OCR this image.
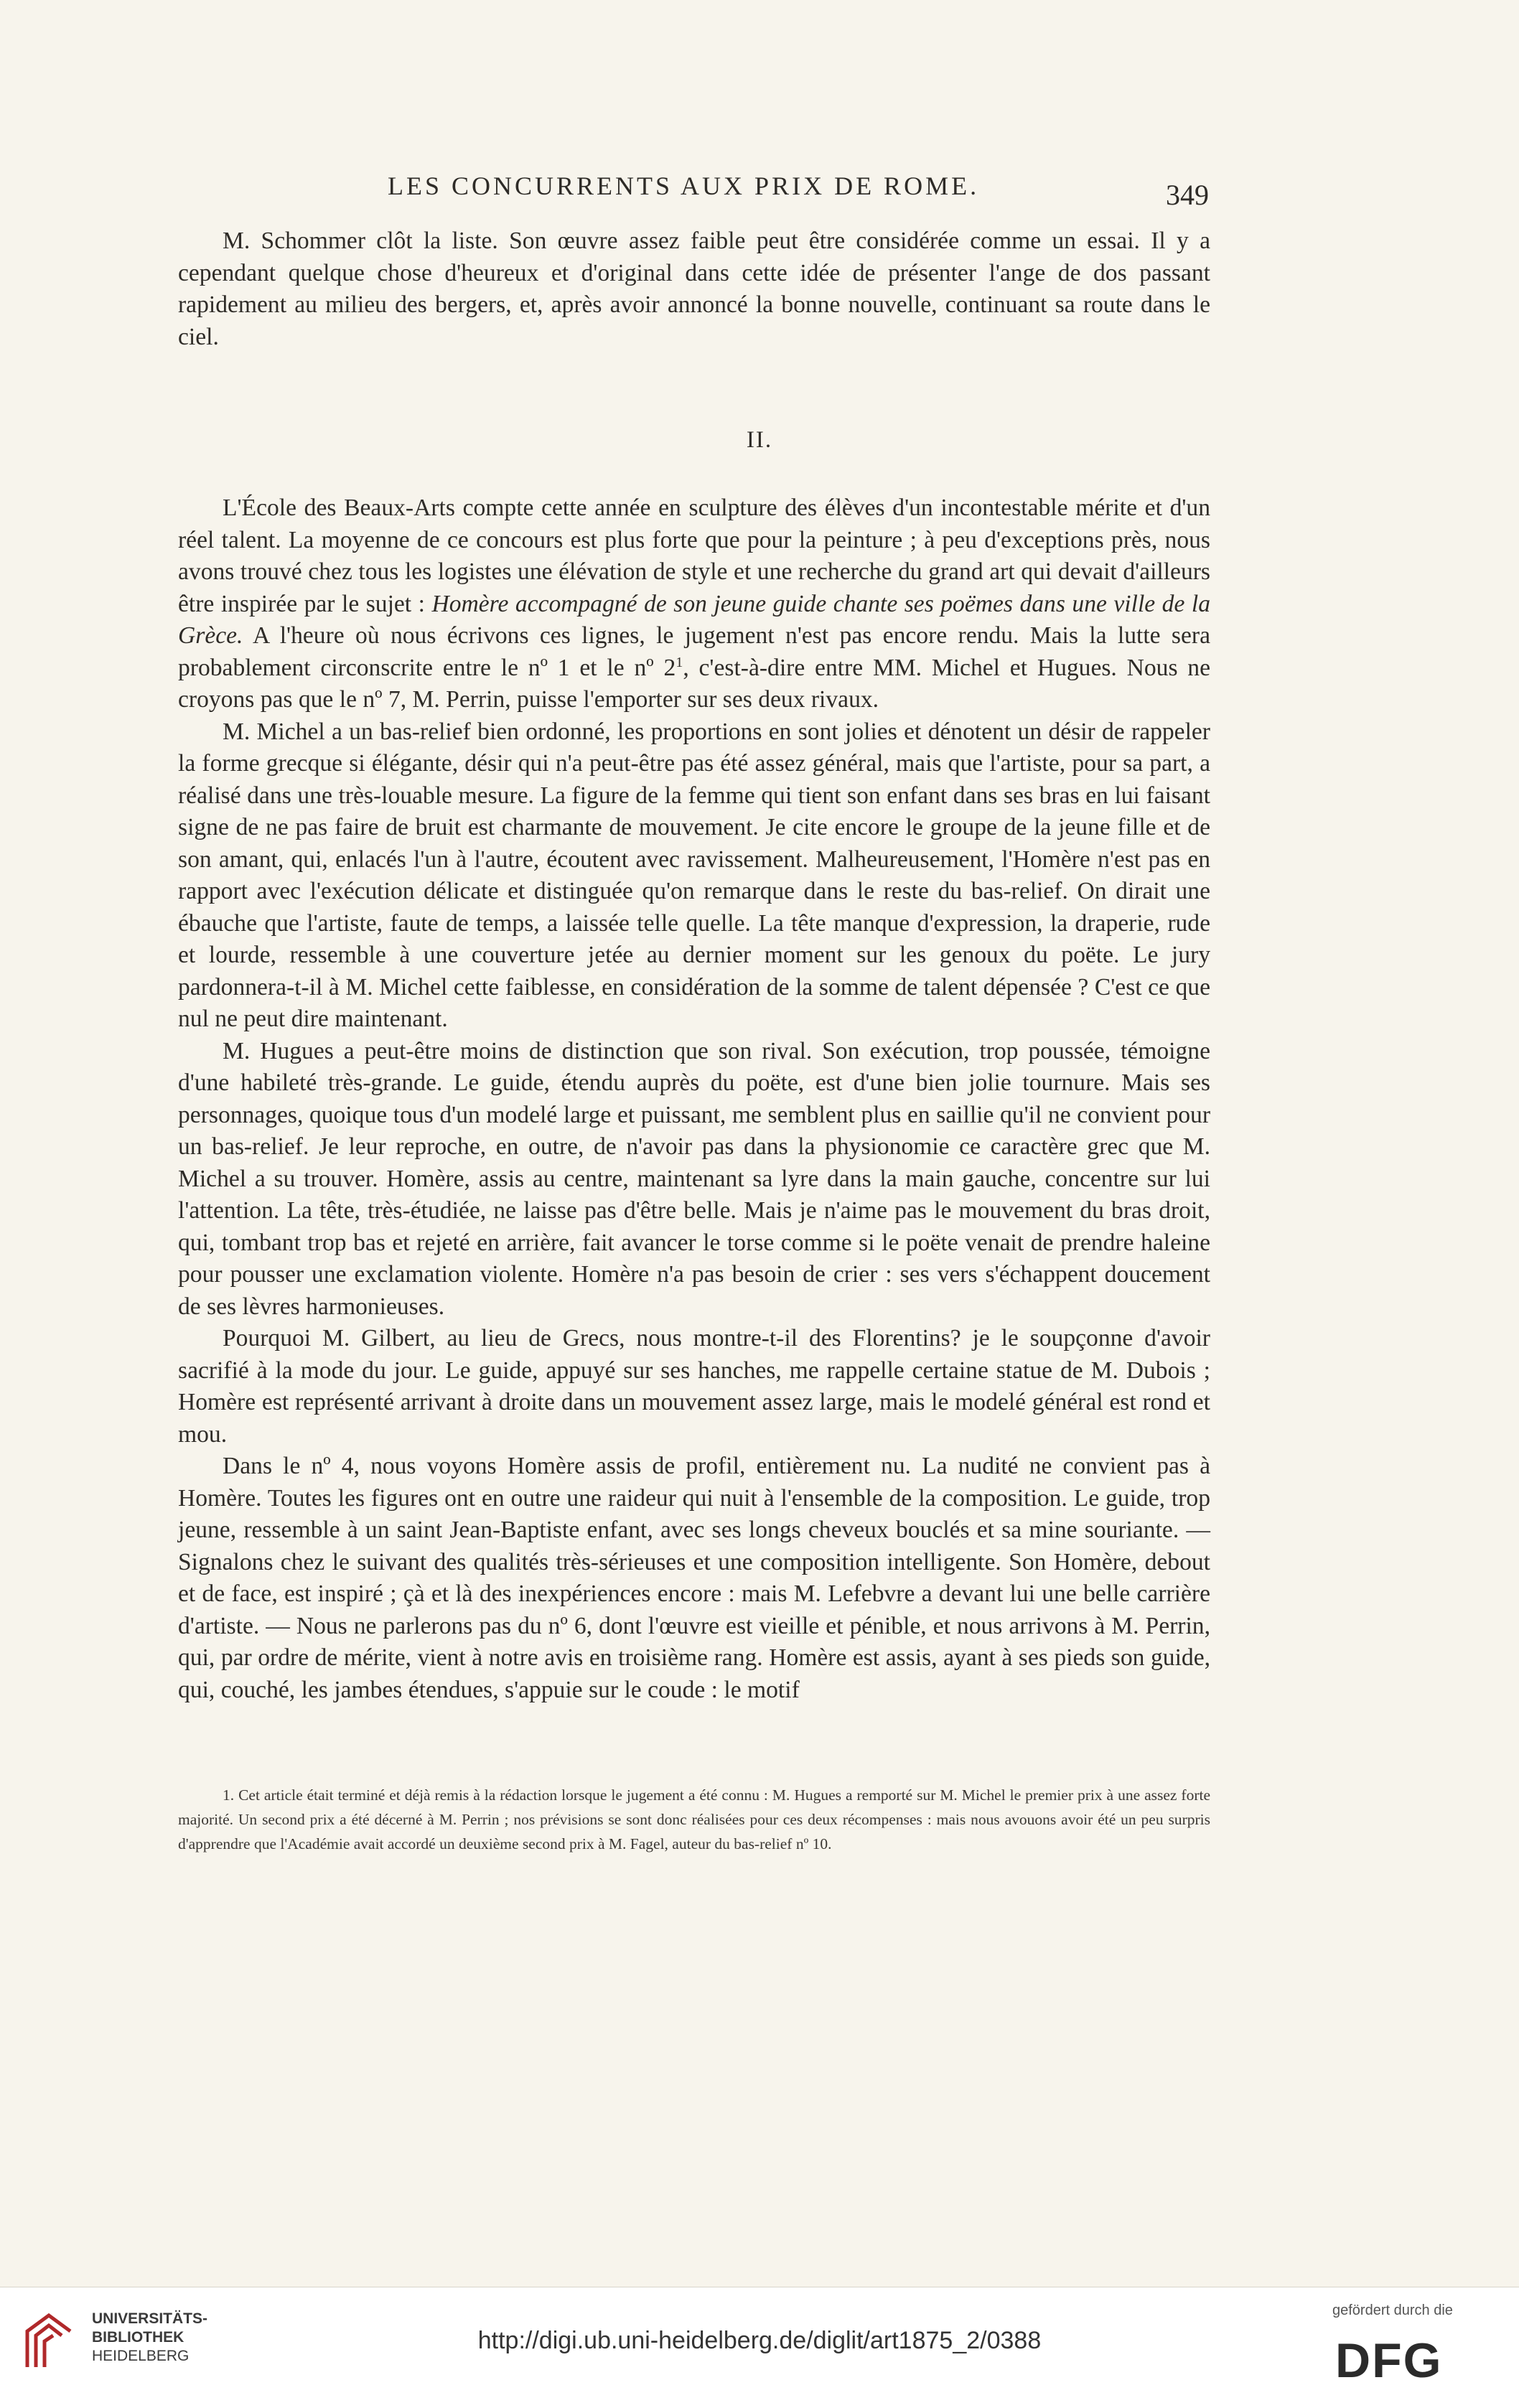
LES CONCURRENTS AUX PRIX DE ROME.	349

M. Schommer clôt la liste. Son œuvre assez faible peut être considérée comme un essai. Il y a cependant quelque chose d'heureux et d'original dans cette idée de présenter l'ange de dos passant rapidement au milieu des bergers, et, après avoir annoncé la bonne nouvelle, continuant sa route dans le ciel.

II.

L'École des Beaux-Arts compte cette année en sculpture des élèves d'un incontestable mérite et d'un réel talent. La moyenne de ce concours est plus forte que pour la peinture ; à peu d'exceptions près, nous avons trouvé chez tous les logistes une élévation de style et une recherche du grand art qui devait d'ailleurs être inspirée par le sujet : Homère accompagné de son jeune guide chante ses poëmes dans une ville de la Grèce. A l'heure où nous écrivons ces lignes, le jugement n'est pas encore rendu. Mais la lutte sera probablement circonscrite entre le nº 1 et le nº $2^1$, c'est-à-dire entre MM. Michel et Hugues. Nous ne croyons pas que le nº 7, M. Perrin, puisse l'emporter sur ses deux rivaux.

M. Michel a un bas-relief bien ordonné, les proportions en sont jolies et dénotent un désir de rappeler la forme grecque si élégante, désir qui n'a peut-être pas été assez général, mais que l'artiste, pour sa part, a réalisé dans une très-louable mesure. La figure de la femme qui tient son enfant dans ses bras en lui faisant signe de ne pas faire de bruit est charmante de mouvement. Je cite encore le groupe de la jeune fille et de son amant, qui, enlacés l'un à l'autre, écoutent avec ravissement. Malheureusement, l'Homère n'est pas en rapport avec l'exécution délicate et distinguée qu'on remarque dans le reste du bas-relief. On dirait une ébauche que l'artiste, faute de temps, a laissée telle quelle. La tête manque d'expression, la draperie, rude et lourde, ressemble à une couverture jetée au dernier moment sur les genoux du poëte. Le jury pardonnera-t-il à M. Michel cette faiblesse, en considération de la somme de talent dépensée ? C'est ce que nul ne peut dire maintenant.

M. Hugues a peut-être moins de distinction que son rival. Son exécution, trop poussée, témoigne d'une habileté très-grande. Le guide, étendu auprès du poëte, est d'une bien jolie tournure. Mais ses personnages, quoique tous d'un modelé large et puissant, me semblent plus en saillie qu'il ne convient pour un bas-relief. Je leur reproche, en outre, de n'avoir pas dans la physionomie ce caractère grec que M. Michel a su trouver. Homère, assis au centre, maintenant sa lyre dans la main gauche, concentre sur lui l'attention. La tête, très-étudiée, ne laisse pas d'être belle. Mais je n'aime pas le mouvement du bras droit, qui, tombant trop bas et rejeté en arrière, fait avancer le torse comme si le poëte venait de prendre haleine pour pousser une exclamation violente. Homère n'a pas besoin de crier : ses vers s'échappent doucement de ses lèvres harmonieuses.

Pourquoi M. Gilbert, au lieu de Grecs, nous montre-t-il des Florentins? je le soupçonne d'avoir sacrifié à la mode du jour. Le guide, appuyé sur ses hanches, me rappelle certaine statue de M. Dubois ; Homère est représenté arrivant à droite dans un mouvement assez large, mais le modelé général est rond et mou.

Dans le nº 4, nous voyons Homère assis de profil, entièrement nu. La nudité ne convient pas à Homère. Toutes les figures ont en outre une raideur qui nuit à l'ensemble de la composition. Le guide, trop jeune, ressemble à un saint Jean-Baptiste enfant, avec ses longs cheveux bouclés et sa mine souriante. — Signalons chez le suivant des qualités très-sérieuses et une composition intelligente. Son Homère, debout et de face, est inspiré ; çà et là des inexpériences encore : mais M. Lefebvre a devant lui une belle carrière d'artiste. — Nous ne parlerons pas du nº 6, dont l'œuvre est vieille et pénible, et nous arrivons à M. Perrin, qui, par ordre de mérite, vient à notre avis en troisième rang. Homère est assis, ayant à ses pieds son guide, qui, couché, les jambes étendues, s'appuie sur le coude : le motif

1. Cet article était terminé et déjà remis à la rédaction lorsque le jugement a été connu : M. Hugues a remporté sur M. Michel le premier prix à une assez forte majorité. Un second prix a été décerné à M. Perrin ; nos prévisions se sont donc réalisées pour ces deux récompenses : mais nous avouons avoir été un peu surpris d'apprendre que l'Académie avait accordé un deuxième second prix à M. Fagel, auteur du bas-relief nº 10.

UNIVERSITÄTS-
BIBLIOTHEK
HEIDELBERG
http://digi.ub.uni-heidelberg.de/diglit/art1875_2/0388
gefördert durch die
DFG
